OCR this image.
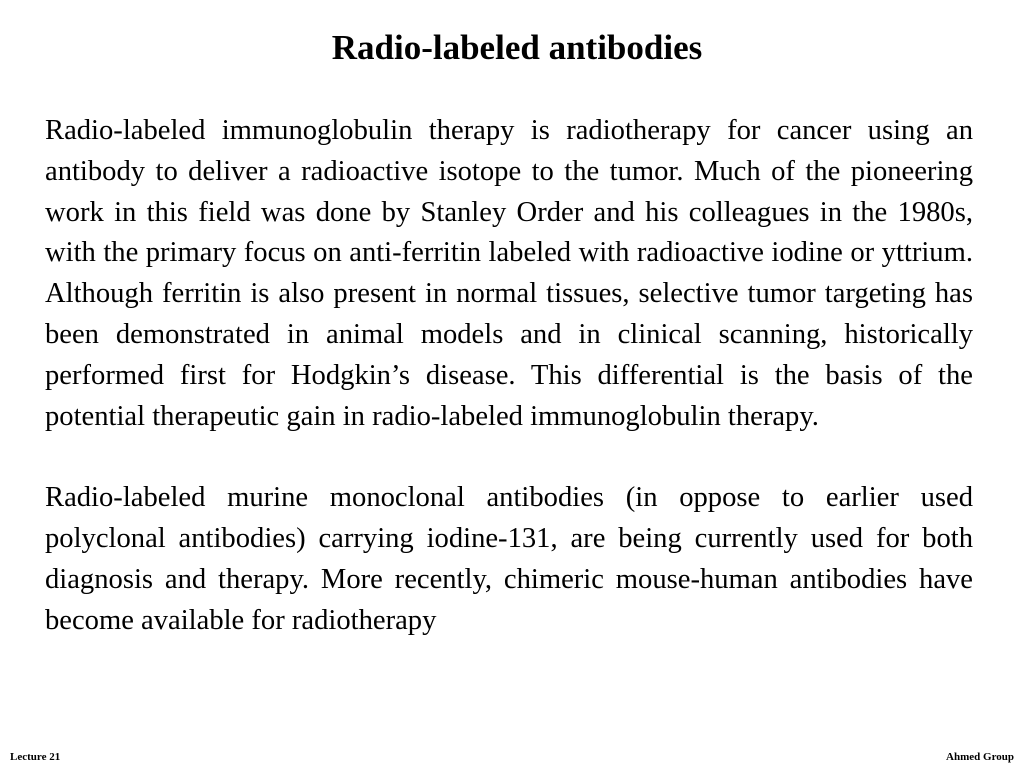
Radio-labeled antibodies

Radio-labeled immunoglobulin therapy is radiotherapy for cancer using an antibody to deliver a radioactive isotope to the tumor. Much of the pioneering work in this field was done by Stanley Order and his colleagues in the 1980s, with the primary focus on anti-ferritin labeled with radioactive iodine or yttrium. Although ferritin is also present in normal tissues, selective tumor targeting has been demonstrated in animal models and in clinical scanning, historically performed first for Hodgkin’s disease. This differential is the basis of the potential therapeutic gain in radio-labeled immunoglobulin therapy.

Radio-labeled murine monoclonal antibodies (in oppose to earlier used polyclonal antibodies) carrying iodine-131, are being currently used for both diagnosis and therapy. More recently, chimeric mouse-human antibodies have become available for radiotherapy

Lecture 21	Ahmed Group
